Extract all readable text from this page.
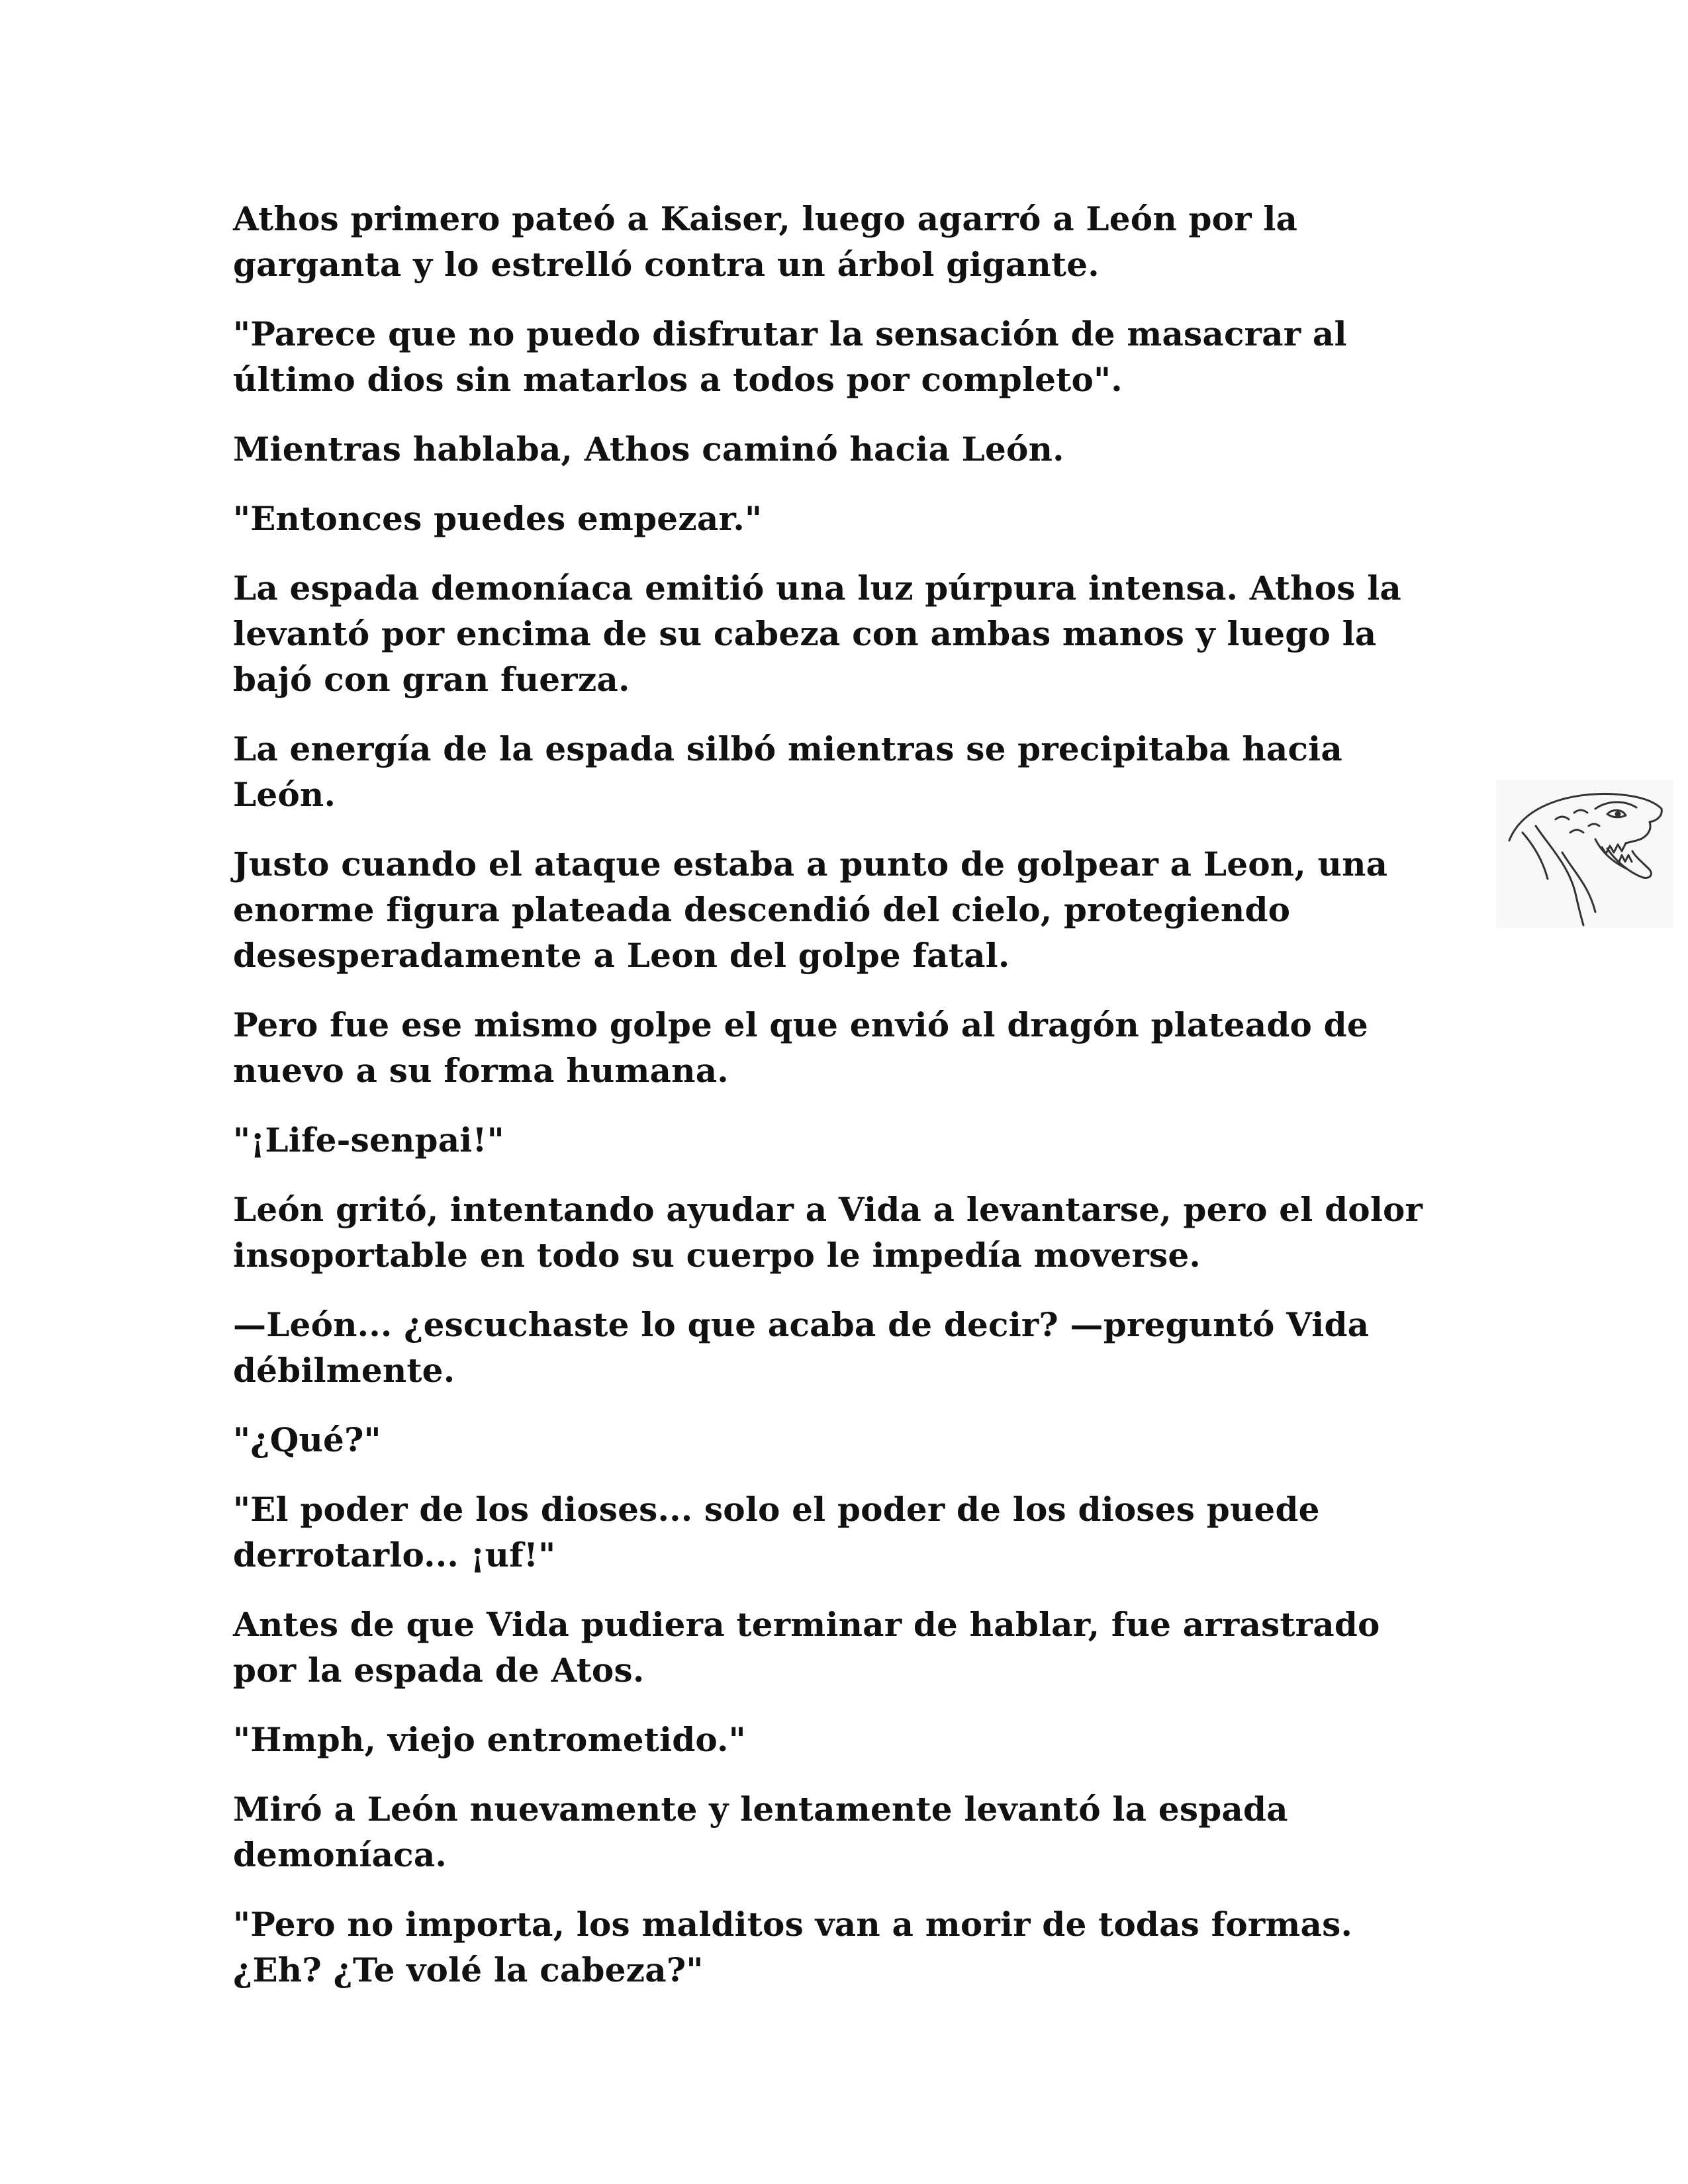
Athos primero pateó a Kaiser, luego agarró a León por la garganta y lo estrelló contra un árbol gigante.

"Parece que no puedo disfrutar la sensación de masacrar al último dios sin matarlos a todos por completo".

Mientras hablaba, Athos caminó hacia León.

"Entonces puedes empezar."

La espada demoníaca emitió una luz púrpura intensa. Athos la levantó por encima de su cabeza con ambas manos y luego la bajó con gran fuerza.

La energía de la espada silbó mientras se precipitaba hacia León.

Justo cuando el ataque estaba a punto de golpear a Leon, una enorme figura plateada descendió del cielo, protegiendo desesperadamente a Leon del golpe fatal.

Pero fue ese mismo golpe el que envió al dragón plateado de nuevo a su forma humana.

"¡Life-senpai!"

León gritó, intentando ayudar a Vida a levantarse, pero el dolor insoportable en todo su cuerpo le impedía moverse.

—León... ¿escuchaste lo que acaba de decir? —preguntó Vida débilmente.

"¿Qué?"

"El poder de los dioses... solo el poder de los dioses puede derrotarlo... ¡uf!"

Antes de que Vida pudiera terminar de hablar, fue arrastrado por la espada de Atos.

"Hmph, viejo entrometido."

Miró a León nuevamente y lentamente levantó la espada demoníaca.

"Pero no importa, los malditos van a morir de todas formas. ¿Eh? ¿Te volé la cabeza?"
